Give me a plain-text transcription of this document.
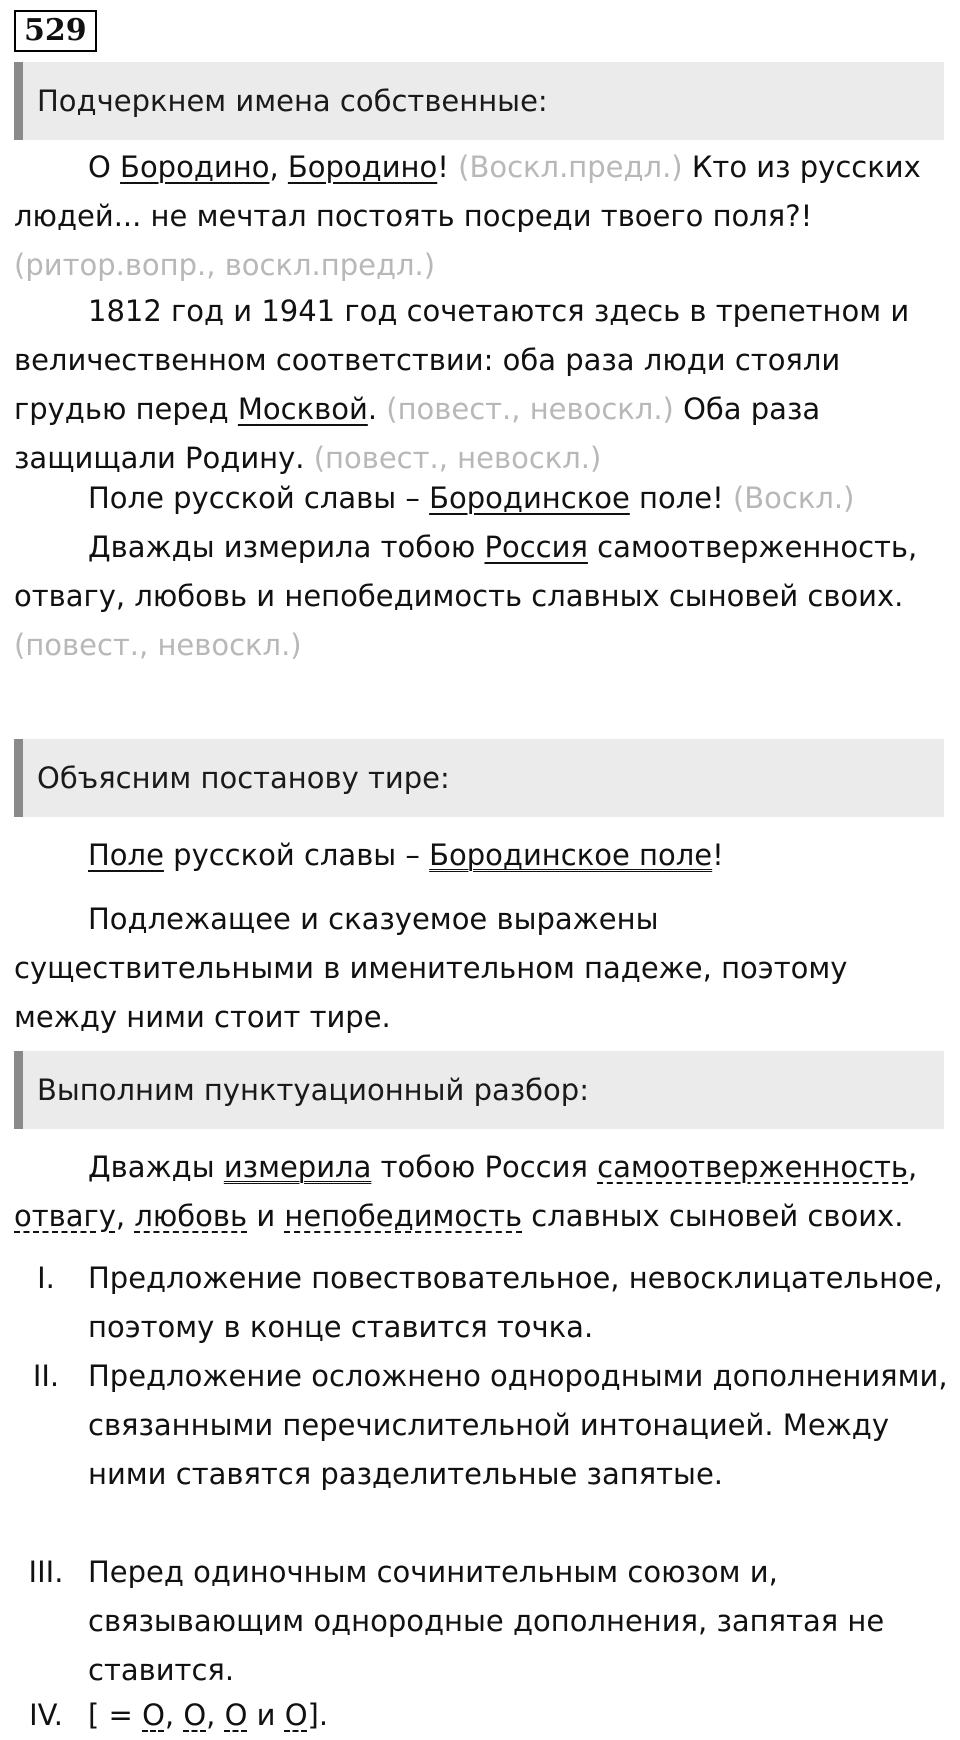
529
Подчеркнем имена собственные:

О Бородино, Бородино! (Воскл.предл.) Кто из русских людей... не мечтал постоять посреди твоего поля?!(ритор.вопр., воскл.предл.)

1812 год и 1941 год сочетаются здесь в трепетном и величественном соответствии: оба раза люди стояли грудью перед Москвой. (повест., невоскл.) Оба раза защищали Родину. (повест., невоскл.)

Поле русской славы – Бородинское поле! (Воскл.)

Дважды измерила тобою Россия самоотверженность, отвагу, любовь и непобедимость славных сыновей своих.
(повест., невоскл.)

Объясним постанову тире:

Поле русской славы – Бородинское поле!

Подлежащее и сказуемое выражены существительными в именительном падеже, поэтому между ними стоит тире.

Выполним пунктуационный разбор:

Дважды измерила тобою Россия самоотверженность, отвагу, любовь и непобедимость славных сыновей своих.

I.	Предложение повествовательное, невосклицательное, поэтому в конце ставится точка.
II. Предложение осложнено однородными дополнениями, связанными перечислительной интонацией. Между ними ставятся разделительные запятые.
III. Перед одиночным сочинительным союзом и, связывающим однородные дополнения, запятая не ставится.
IV. [ = О, О, О и О].
